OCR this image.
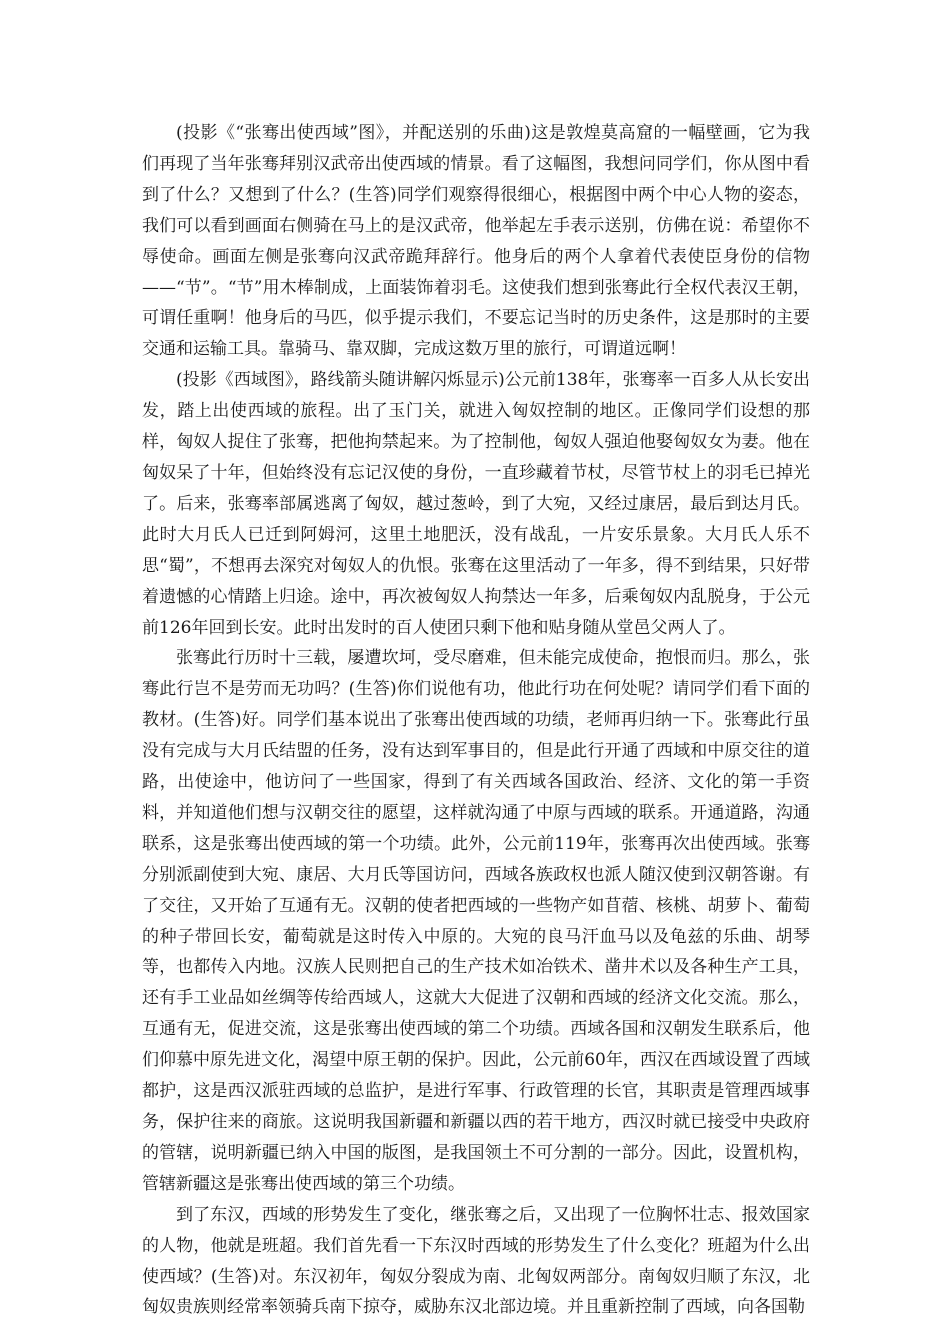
(投影《“张骞出使西域”图》，并配送别的乐曲)这是敦煌莫高窟的一幅壁画，它为我们再现了当年张骞拜别汉武帝出使西域的情景。看了这幅图，我想问同学们，你从图中看到了什么？又想到了什么？(生答)同学们观察得很细心，根据图中两个中心人物的姿态，我们可以看到画面右侧骑在马上的是汉武帝，他举起左手表示送别，仿佛在说：希望你不辱使命。画面左侧是张骞向汉武帝跪拜辞行。他身后的两个人拿着代表使臣身份的信物——“节”。“节”用木棒制成，上面装饰着羽毛。这使我们想到张骞此行全权代表汉王朝，可谓任重啊！他身后的马匹，似乎提示我们，不要忘记当时的历史条件，这是那时的主要交通和运输工具。靠骑马、靠双脚，完成这数万里的旅行，可谓道远啊！

(投影《西域图》，路线箭头随讲解闪烁显示)公元前138年，张骞率一百多人从长安出发，踏上出使西域的旅程。出了玉门关，就进入匈奴控制的地区。正像同学们设想的那样，匈奴人捉住了张骞，把他拘禁起来。为了控制他，匈奴人强迫他娶匈奴女为妻。他在匈奴呆了十年，但始终没有忘记汉使的身份，一直珍藏着节杖，尽管节杖上的羽毛已掉光了。后来，张骞率部属逃离了匈奴，越过葱岭，到了大宛，又经过康居，最后到达月氏。此时大月氏人已迁到阿姆河，这里土地肥沃，没有战乱，一片安乐景象。大月氏人乐不思“蜀”，不想再去深究对匈奴人的仇恨。张骞在这里活动了一年多，得不到结果，只好带着遗憾的心情踏上归途。途中，再次被匈奴人拘禁达一年多，后乘匈奴内乱脱身，于公元前126年回到长安。此时出发时的百人使团只剩下他和贴身随从堂邑父两人了。

张骞此行历时十三载，屡遭坎坷，受尽磨难，但未能完成使命，抱恨而归。那么，张骞此行岂不是劳而无功吗？(生答)你们说他有功，他此行功在何处呢？请同学们看下面的教材。(生答)好。同学们基本说出了张骞出使西域的功绩，老师再归纳一下。张骞此行虽没有完成与大月氏结盟的任务，没有达到军事目的，但是此行开通了西域和中原交往的道路，出使途中，他访问了一些国家，得到了有关西域各国政治、经济、文化的第一手资料，并知道他们想与汉朝交往的愿望，这样就沟通了中原与西域的联系。开通道路，沟通联系，这是张骞出使西域的第一个功绩。此外，公元前119年，张骞再次出使西域。张骞分别派副使到大宛、康居、大月氏等国访问，西域各族政权也派人随汉使到汉朝答谢。有了交往，又开始了互通有无。汉朝的使者把西域的一些物产如苜蓿、核桃、胡萝卜、葡萄的种子带回长安，葡萄就是这时传入中原的。大宛的良马汗血马以及龟兹的乐曲、胡琴等，也都传入内地。汉族人民则把自己的生产技术如冶铁术、凿井术以及各种生产工具，还有手工业品如丝绸等传给西域人，这就大大促进了汉朝和西域的经济文化交流。那么，互通有无，促进交流，这是张骞出使西域的第二个功绩。西域各国和汉朝发生联系后，他们仰慕中原先进文化，渴望中原王朝的保护。因此，公元前60年，西汉在西域设置了西域都护，这是西汉派驻西域的总监护，是进行军事、行政管理的长官，其职责是管理西域事务，保护往来的商旅。这说明我国新疆和新疆以西的若干地方，西汉时就已接受中央政府的管辖，说明新疆已纳入中国的版图，是我国领土不可分割的一部分。因此，设置机构，管辖新疆这是张骞出使西域的第三个功绩。

到了东汉，西域的形势发生了变化，继张骞之后，又出现了一位胸怀壮志、报效国家的人物，他就是班超。我们首先看一下东汉时西域的形势发生了什么变化？班超为什么出使西域？(生答)对。东汉初年，匈奴分裂成为南、北匈奴两部分。南匈奴归顺了东汉，北匈奴贵族则经常率领骑兵南下掠夺，威胁东汉北部边境。并且重新控制了西域，向各国勒
